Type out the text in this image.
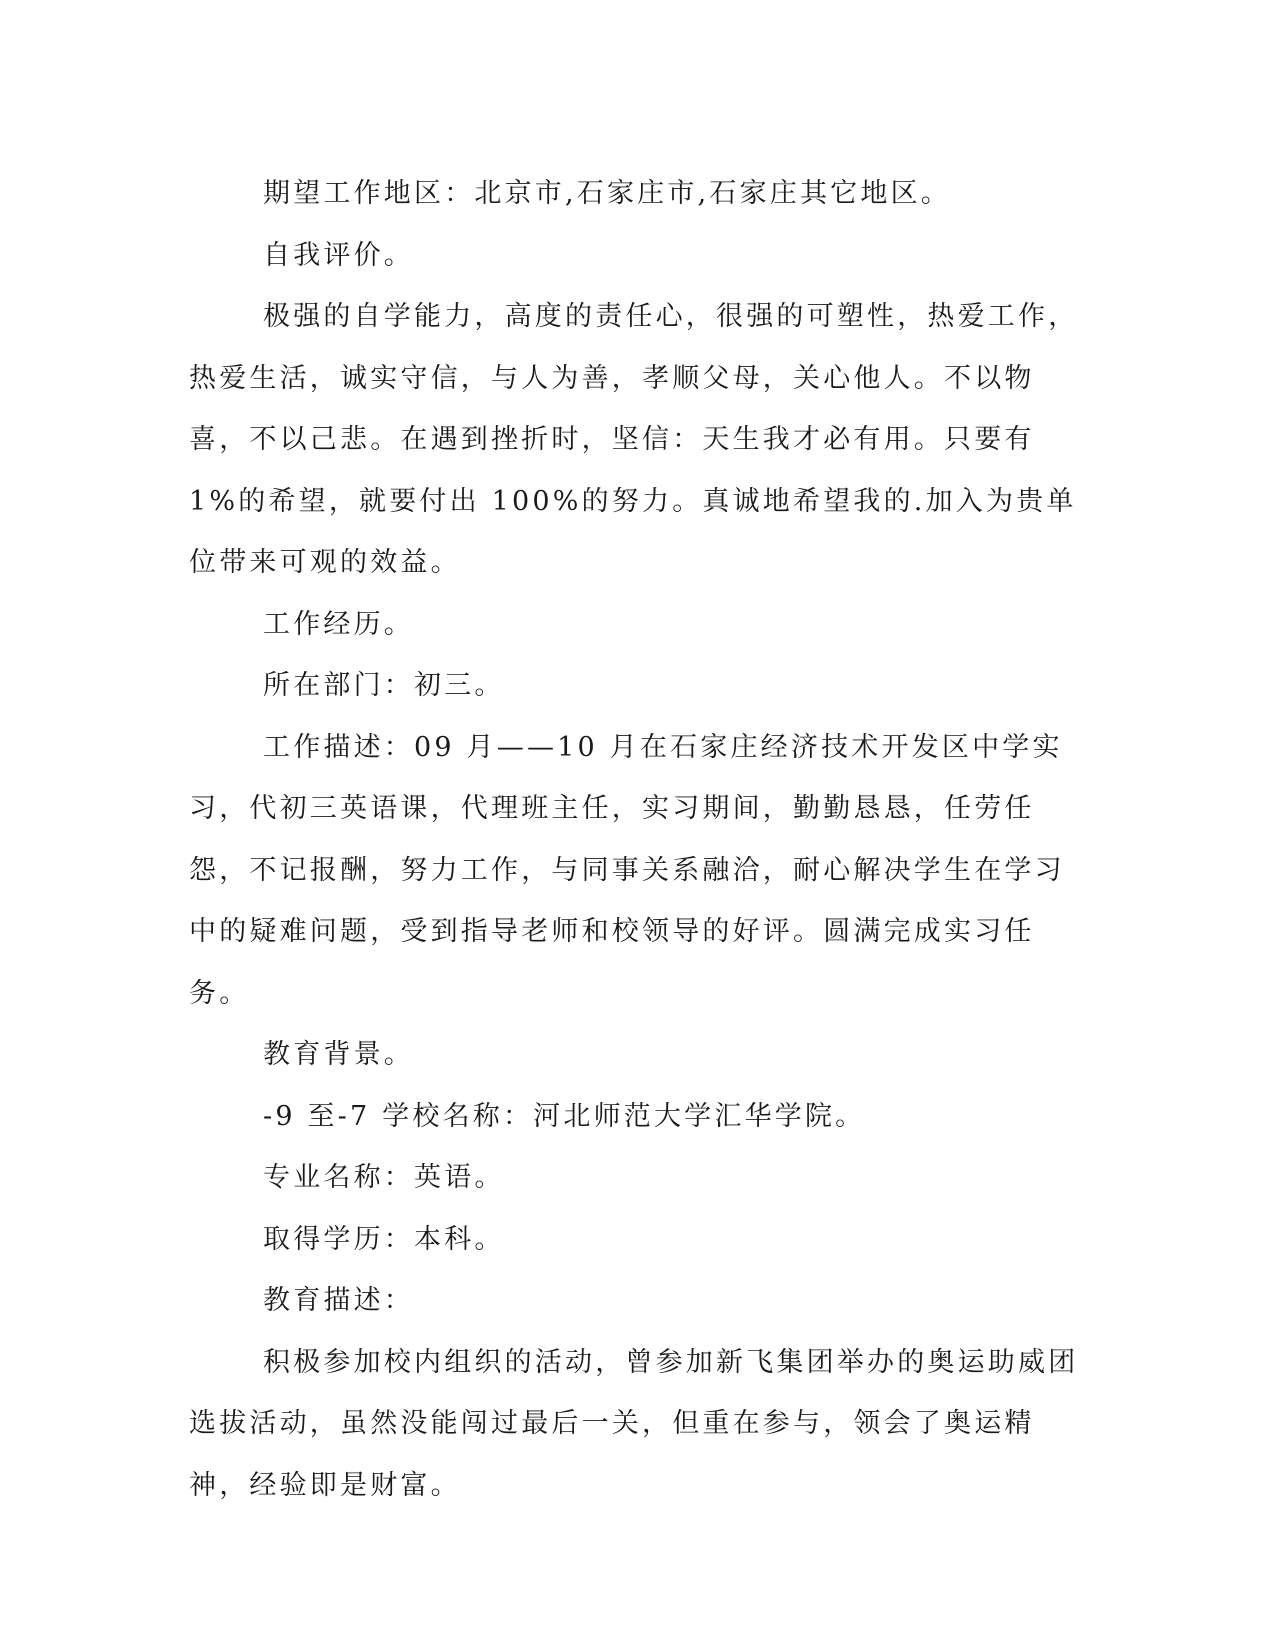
期望工作地区：北京市,石家庄市,石家庄其它地区。

自我评价。

极强的自学能力，高度的责任心，很强的可塑性，热爱工作，热爱生活，诚实守信，与人为善，孝顺父母，关心他人。不以物喜，不以己悲。在遇到挫折时，坚信：天生我才必有用。只要有 1%的希望，就要付出 100%的努力。真诚地希望我的.加入为贵单位带来可观的效益。

工作经历。

所在部门：初三。

工作描述：09 月——10 月在石家庄经济技术开发区中学实习，代初三英语课，代理班主任，实习期间，勤勤恳恳，任劳任怨，不记报酬，努力工作，与同事关系融洽，耐心解决学生在学习中的疑难问题，受到指导老师和校领导的好评。圆满完成实习任务。

教育背景。

-9 至-7 学校名称：河北师范大学汇华学院。

专业名称：英语。

取得学历：本科。

教育描述：

积极参加校内组织的活动，曾参加新飞集团举办的奥运助威团选拔活动，虽然没能闯过最后一关，但重在参与，领会了奥运精神，经验即是财富。
